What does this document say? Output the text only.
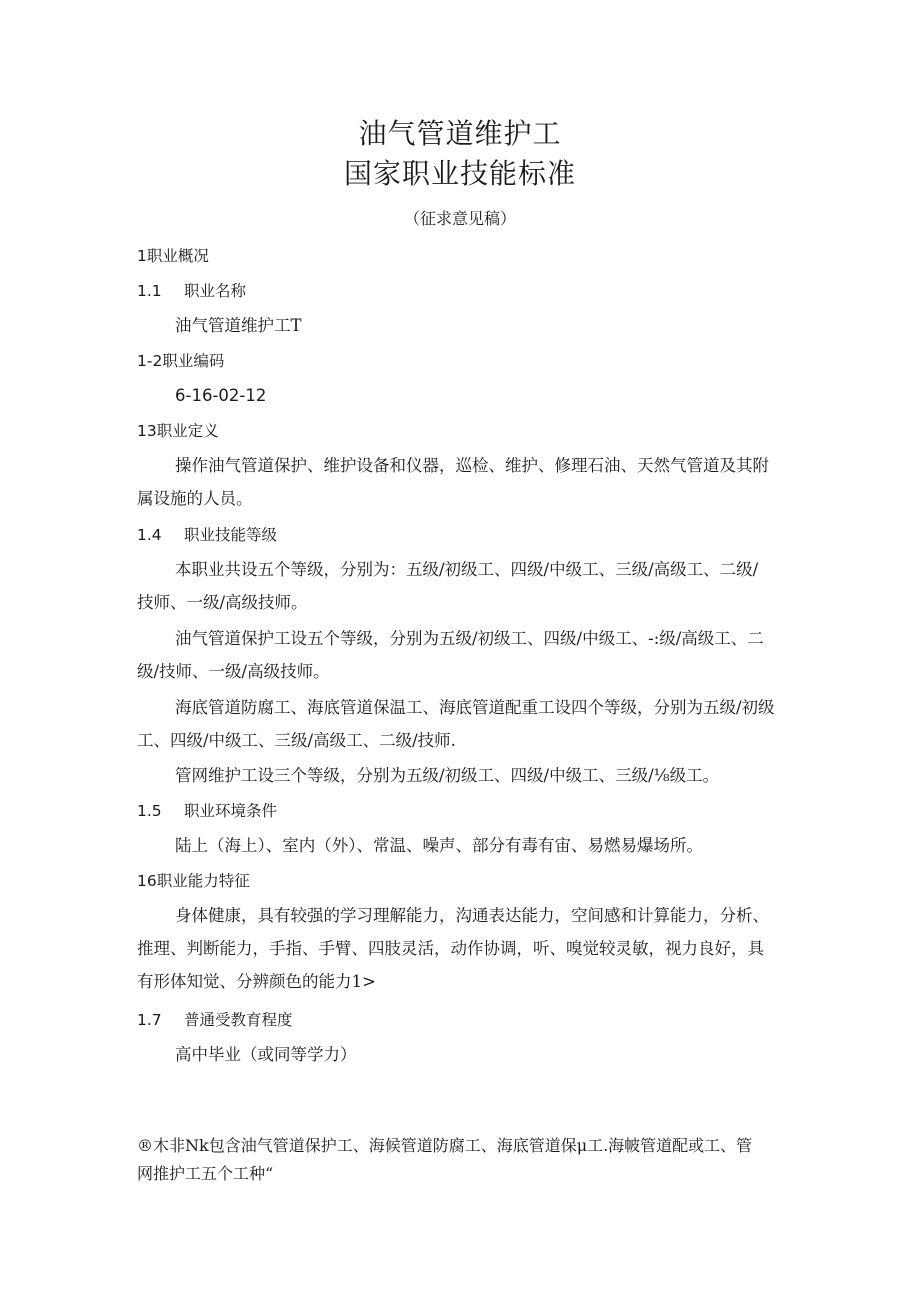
油气管道维护工
国家职业技能标准
（征求意见稿）
1职业概况
1.1 职业名称
油气管道维护工T
1-2职业编码
6-16-02-12
13职业定义
操作油气管道保护、维护设备和仪器，巡检、维护、修理石油、天然气管道及其附
属设施的人员。
1.4 职业技能等级
本职业共设五个等级，分别为：五级/初级工、四级/中级工、三级/高级工、二级/
技师、一级/高级技师。
油气管道保护工设五个等级，分别为五级/初级工、四级/中级工、-:级/高级工、二
级/技师、一级/高级技师。
海底管道防腐工、海底管道保温工、海底管道配重工设四个等级，分别为五级/初级
工、四级/中级工、三级/高级工、二级/技师.
管网维护工设三个等级，分别为五级/初级工、四级/中级工、三级/⅛级工。
1.5 职业环境条件
陆上（海上）、室内（外）、常温、噪声、部分有毒有宙、易燃易爆场所。
16职业能力特征
身体健康，具有较强的学习理解能力，沟通表达能力，空间感和计算能力，分析、
推理、判断能力，手指、手臂、四肢灵活，动作协调，听、嗅觉较灵敏，视力良好，具
有形体知觉、分辨颜色的能力1>
1.7 普通受教育程度
高中毕业（或同等学力）
®木非Nk包含油气管道保护工、海候管道防腐工、海底管道保μ工.海帔管道配或工、管
网推护工五个工种“
